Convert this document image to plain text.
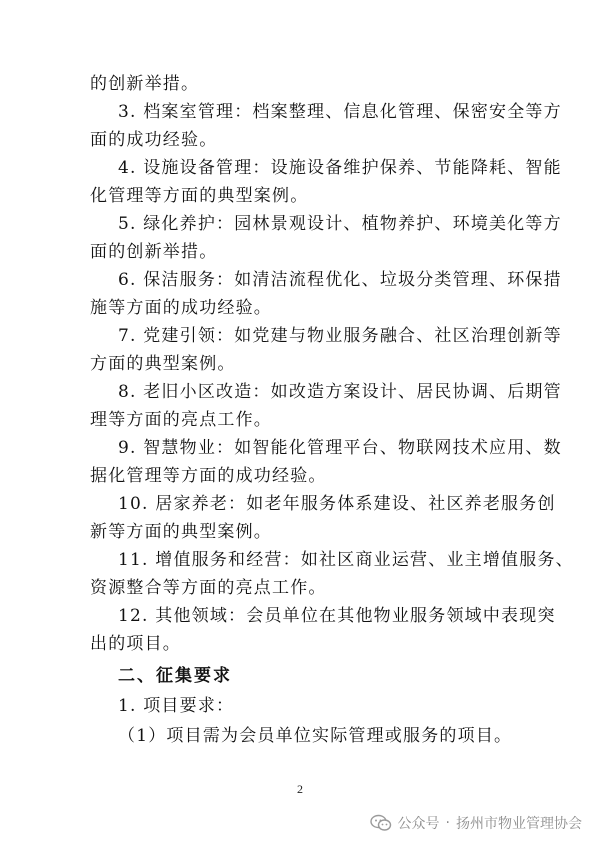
的创新举措。
3. 档案室管理：档案整理、信息化管理、保密安全等方
面的成功经验。
4. 设施设备管理：设施设备维护保养、节能降耗、智能
化管理等方面的典型案例。
5. 绿化养护：园林景观设计、植物养护、环境美化等方
面的创新举措。
6. 保洁服务：如清洁流程优化、垃圾分类管理、环保措
施等方面的成功经验。
7. 党建引领：如党建与物业服务融合、社区治理创新等
方面的典型案例。
8. 老旧小区改造：如改造方案设计、居民协调、后期管
理等方面的亮点工作。
9. 智慧物业：如智能化管理平台、物联网技术应用、数
据化管理等方面的成功经验。
10. 居家养老：如老年服务体系建设、社区养老服务创
新等方面的典型案例。
11. 增值服务和经营：如社区商业运营、业主增值服务、
资源整合等方面的亮点工作。
12. 其他领域：会员单位在其他物业服务领域中表现突
出的项目。
二、征集要求
1. 项目要求：
（1）项目需为会员单位实际管理或服务的项目。
2
公众号 · 扬州市物业管理协会
